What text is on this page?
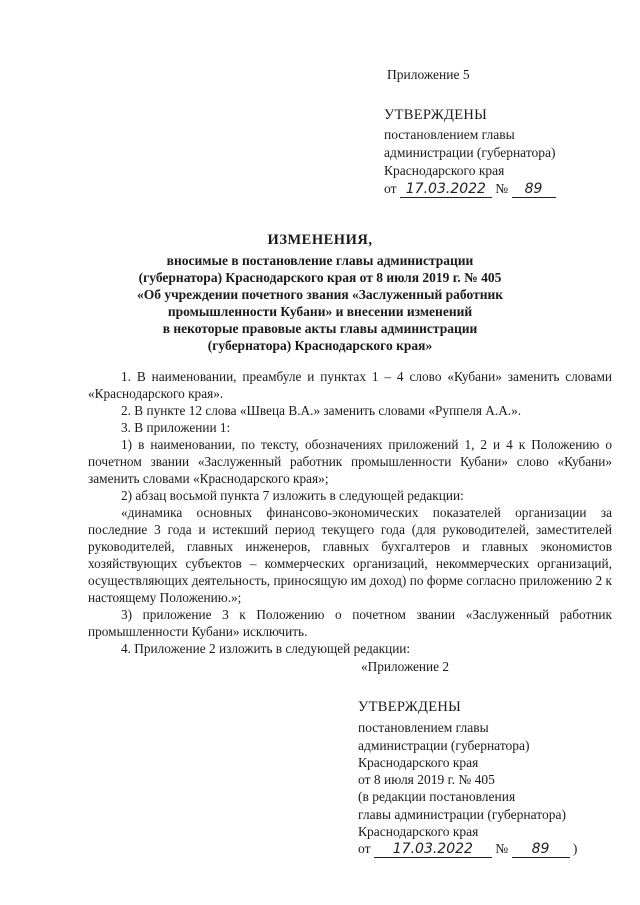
Приложение 5
УТВЕРЖДЕНЫ
постановлением главы
администрации (губернатора)
Краснодарского края
от 17.03.2022 № 89
ИЗМЕНЕНИЯ,
вносимые в постановление главы администрации
(губернатора) Краснодарского края от 8 июля 2019 г. № 405
«Об учреждении почетного звания «Заслуженный работник
промышленности Кубани» и внесении изменений
в некоторые правовые акты главы администрации
(губернатора) Краснодарского края»

1. В наименовании, преамбуле и пунктах 1 – 4 слово «Кубани» заменить словами «Краснодарского края».

2. В пункте 12 слова «Швеца В.А.» заменить словами «Руппеля А.А.».

3. В приложении 1:

1) в наименовании, по тексту, обозначениях приложений 1, 2 и 4 к Положению о почетном звании «Заслуженный работник промышленности Кубани» слово «Кубани» заменить словами «Краснодарского края»;

2) абзац восьмой пункта 7 изложить в следующей редакции:

«динамика основных финансово-экономических показателей организации за последние 3 года и истекший период текущего года (для руководителей, заместителей руководителей, главных инженеров, главных бухгалтеров и главных экономистов хозяйствующих субъектов – коммерческих организаций, некоммерческих организаций, осуществляющих деятельность, приносящую им доход) по форме согласно приложению 2 к настоящему Положению.»;

3) приложение 3 к Положению о почетном звании «Заслуженный работник промышленности Кубани» исключить.

4. Приложение 2 изложить в следующей редакции:

«Приложение 2

УТВЕРЖДЕНЫ
постановлением главы
администрации (губернатора)
Краснодарского края
от 8 июля 2019 г. № 405
(в редакции постановления
главы администрации (губернатора)
Краснодарского края
от 17.03.2022 № 89 )
